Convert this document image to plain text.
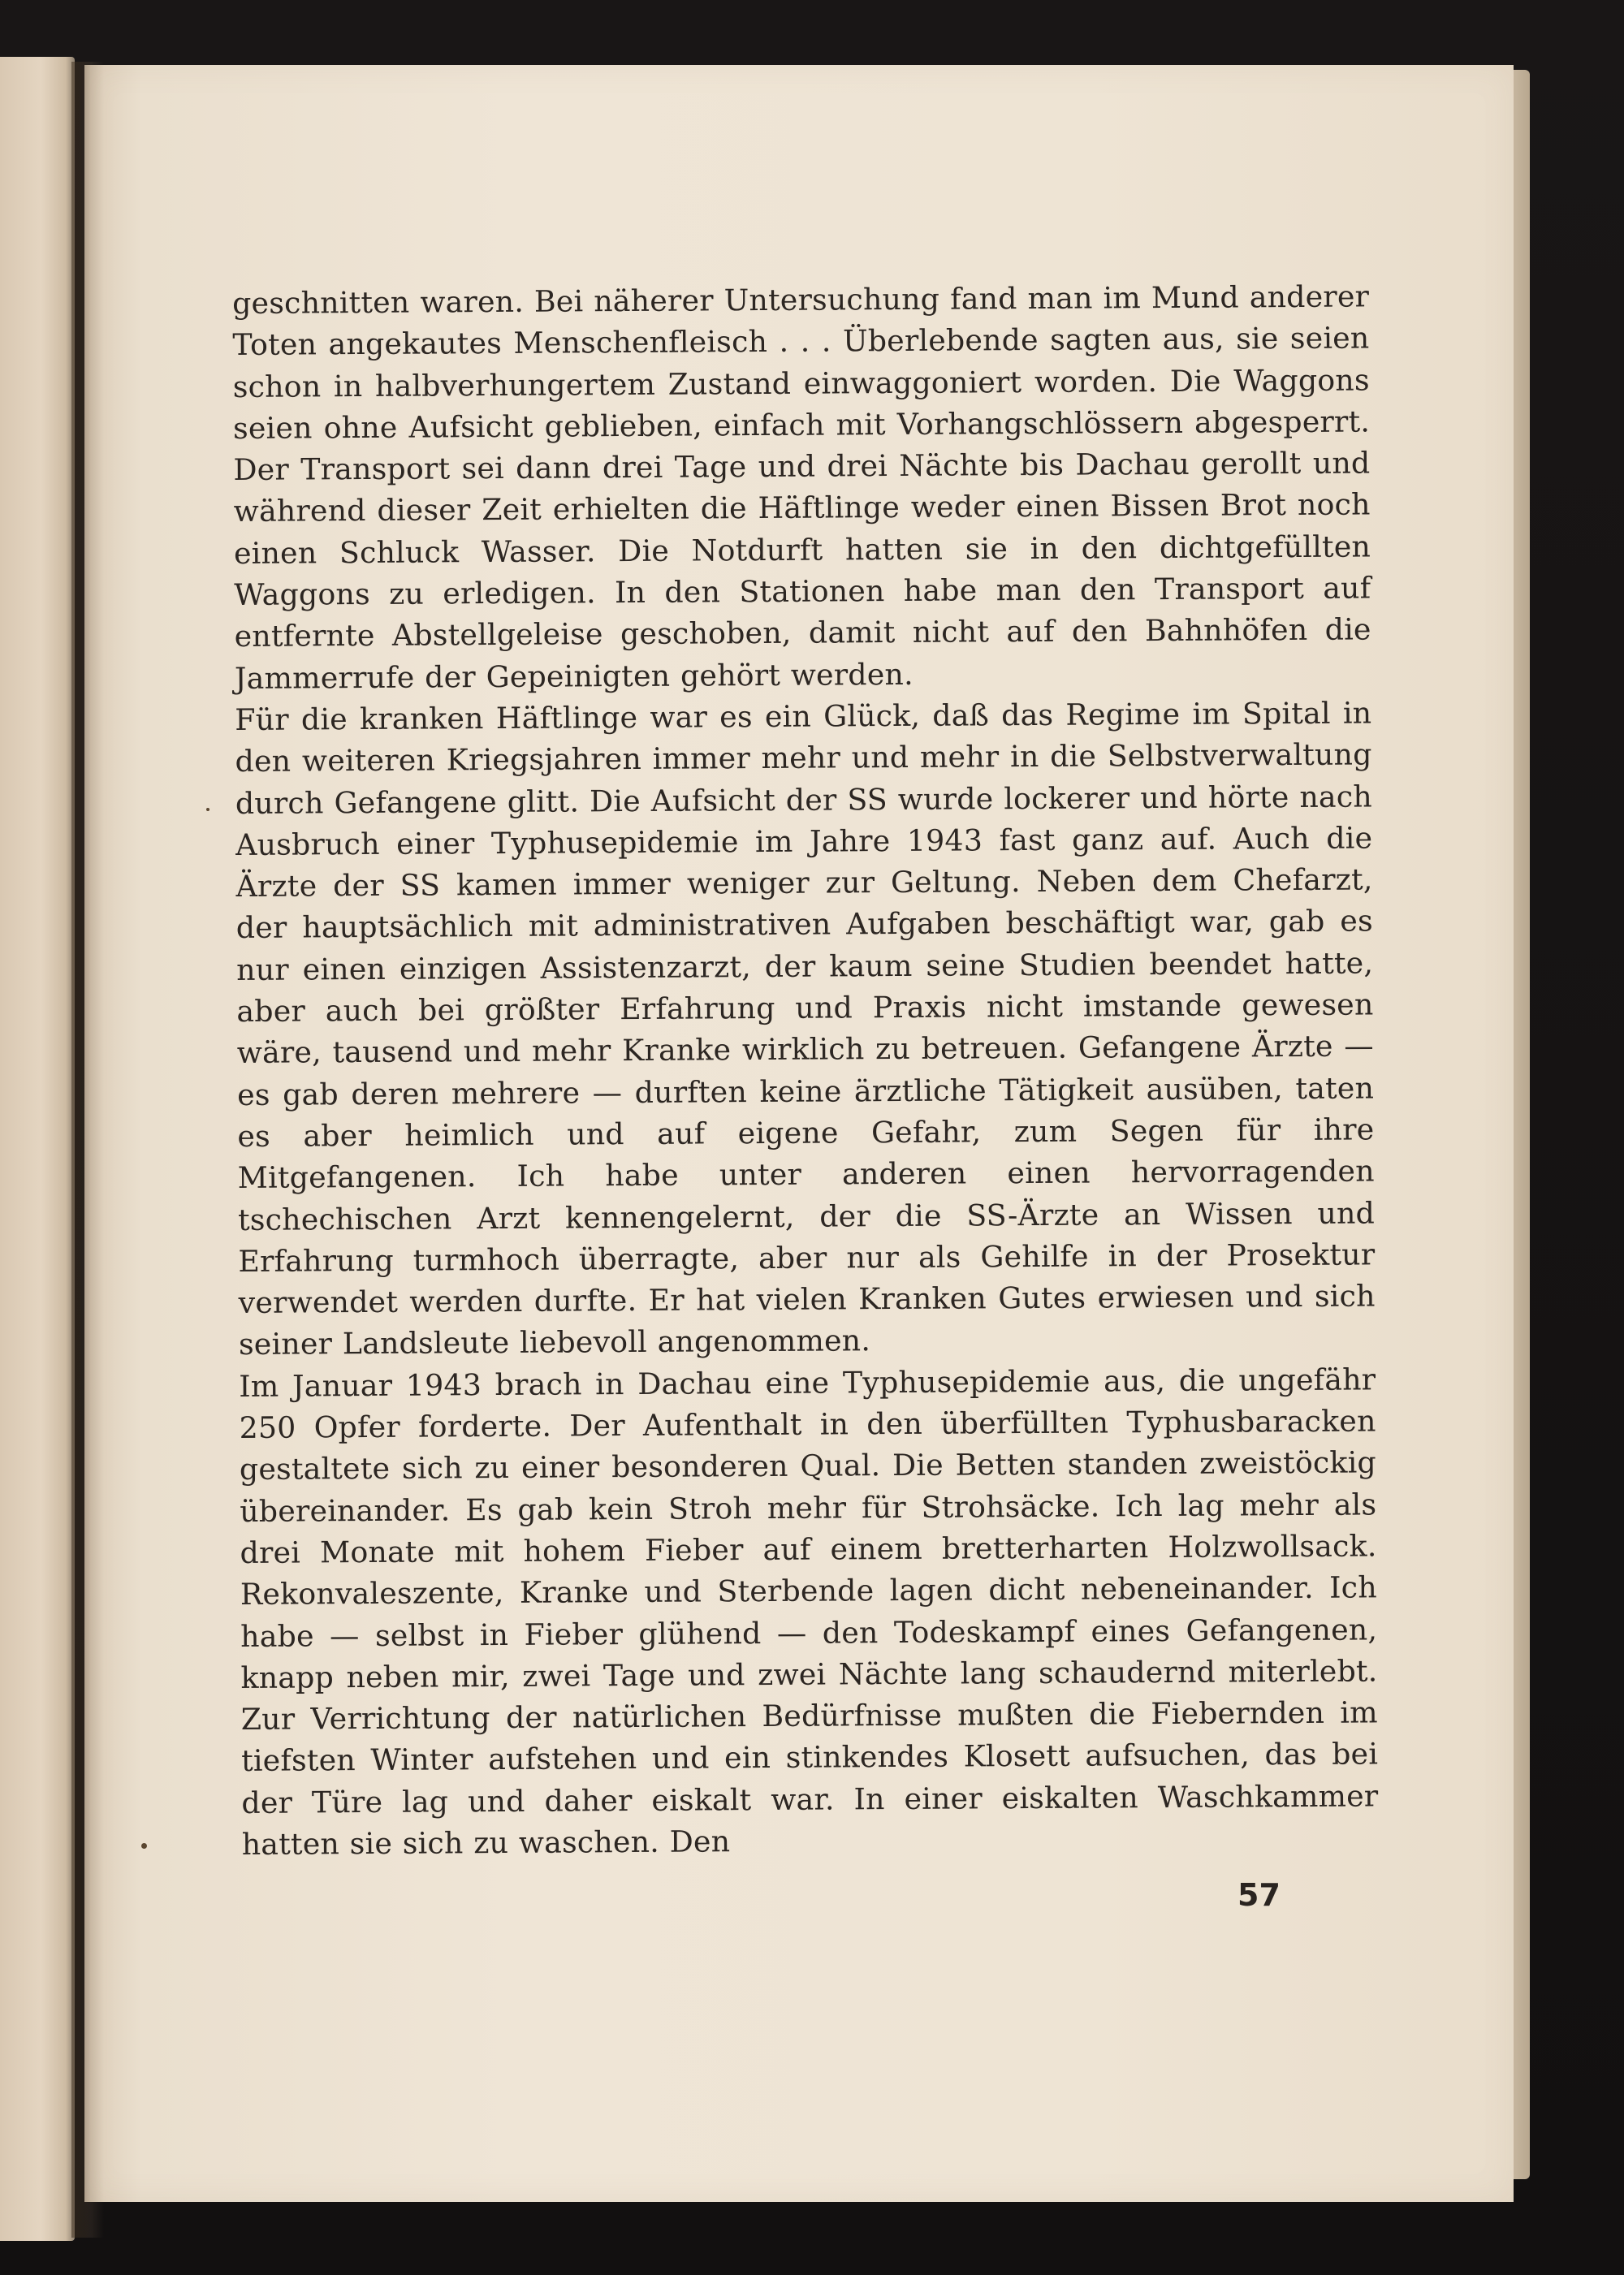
geschnitten waren. Bei näherer Untersuchung fand man im Mund anderer Toten angekautes Menschenfleisch . . . Überlebende sagten aus, sie seien schon in halbverhungertem Zustand einwaggoniert worden. Die Waggons seien ohne Aufsicht geblieben, einfach mit Vorhangschlössern abgesperrt. Der Transport sei dann drei Tage und drei Nächte bis Dachau gerollt und während dieser Zeit erhielten die Häftlinge weder einen Bissen Brot noch einen Schluck Wasser. Die Notdurft hatten sie in den dichtgefüllten Waggons zu erledigen. In den Stationen habe man den Transport auf entfernte Abstellgeleise geschoben, damit nicht auf den Bahnhöfen die Jammerrufe der Gepeinigten gehört werden.

Für die kranken Häftlinge war es ein Glück, daß das Regime im Spital in den weiteren Kriegsjahren immer mehr und mehr in die Selbstverwaltung durch Gefangene glitt. Die Aufsicht der SS wurde lockerer und hörte nach Ausbruch einer Typhusepidemie im Jahre 1943 fast ganz auf. Auch die Ärzte der SS kamen immer weniger zur Geltung. Neben dem Chefarzt, der hauptsächlich mit administrativen Aufgaben beschäftigt war, gab es nur einen einzigen Assistenzarzt, der kaum seine Studien beendet hatte, aber auch bei größter Erfahrung und Praxis nicht imstande gewesen wäre, tausend und mehr Kranke wirklich zu betreuen. Gefangene Ärzte — es gab deren mehrere — durften keine ärztliche Tätigkeit ausüben, taten es aber heimlich und auf eigene Gefahr, zum Segen für ihre Mitgefangenen. Ich habe unter anderen einen hervorragenden tschechischen Arzt kennengelernt, der die SS-Ärzte an Wissen und Erfahrung turmhoch überragte, aber nur als Gehilfe in der Prosektur verwendet werden durfte. Er hat vielen Kranken Gutes erwiesen und sich seiner Landsleute liebevoll angenommen.

Im Januar 1943 brach in Dachau eine Typhusepidemie aus, die ungefähr 250 Opfer forderte. Der Aufenthalt in den überfüllten Typhusbaracken gestaltete sich zu einer besonderen Qual. Die Betten standen zweistöckig übereinander. Es gab kein Stroh mehr für Strohsäcke. Ich lag mehr als drei Monate mit hohem Fieber auf einem bretterharten Holzwollsack. Rekonvaleszente, Kranke und Sterbende lagen dicht nebeneinander. Ich habe — selbst in Fieber glühend — den Todeskampf eines Gefangenen, knapp neben mir, zwei Tage und zwei Nächte lang schaudernd miterlebt. Zur Verrichtung der natürlichen Bedürfnisse mußten die Fiebernden im tiefsten Winter aufstehen und ein stinkendes Klosett aufsuchen, das bei der Türe lag und daher eiskalt war. In einer eiskalten Waschkammer hatten sie sich zu waschen. Den

57
